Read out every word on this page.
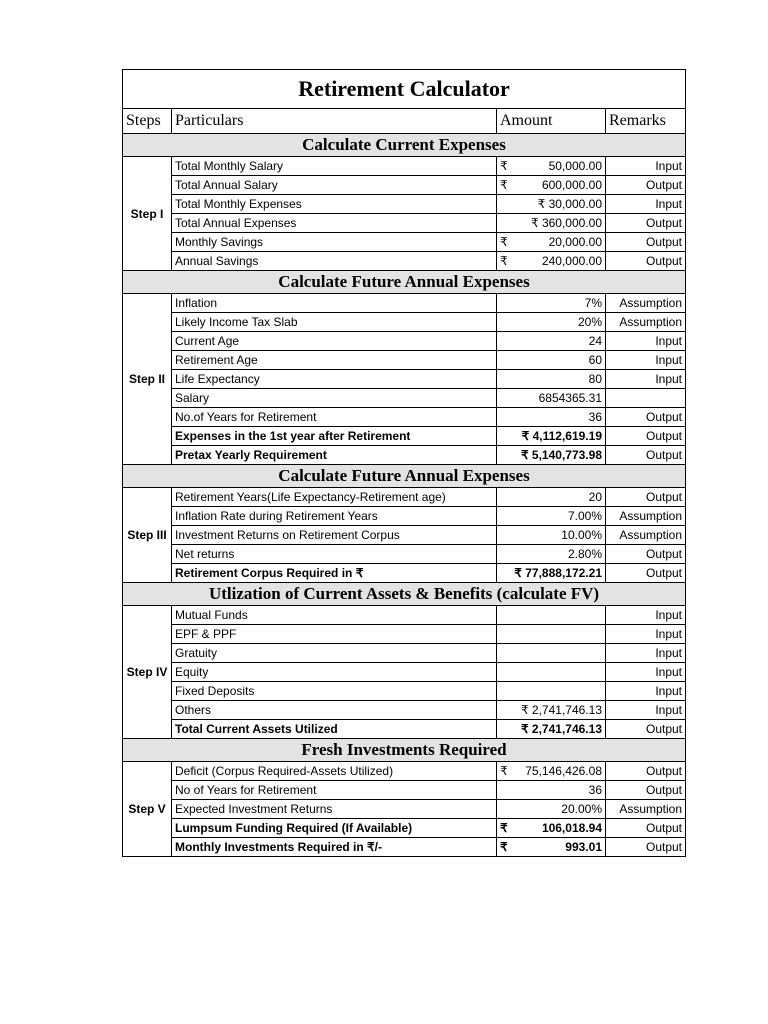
Retirement Calculator			
Steps	Particulars	Amount	Remarks
Calculate Current Expenses			
Step I	Total Monthly Salary	₹ 50,000.00	Input
	Total Annual Salary	₹ 600,000.00	Output
	Total Monthly Expenses	₹ 30,000.00	Input
	Total Annual Expenses	₹ 360,000.00	Output
	Monthly Savings	₹ 20,000.00	Output
	Annual Savings	₹ 240,000.00	Output
Calculate Future Annual Expenses			
Step II	Inflation	7%	Assumption
	Likely Income Tax Slab	20%	Assumption
	Current Age	24	Input
	Retirement Age	60	Input
	Life Expectancy	80	Input
	Salary	6854365.31	
	No.of Years for Retirement	36	Output
	Expenses in the 1st year after Retirement	₹ 4,112,619.19	Output
	Pretax Yearly Requirement	₹ 5,140,773.98	Output
Calculate Future Annual Expenses			
Step III	Retirement Years(Life Expectancy-Retirement age)	20	Output
	Inflation Rate during Retirement Years	7.00%	Assumption
	Investment Returns on Retirement Corpus	10.00%	Assumption
	Net returns	2.80%	Output
	Retirement Corpus Required in ₹	₹ 77,888,172.21	Output
Utlization of Current Assets & Benefits (calculate FV)			
Step IV	Mutual Funds		Input
	EPF & PPF		Input
	Gratuity		Input
	Equity		Input
	Fixed Deposits		Input
	Others	₹ 2,741,746.13	Input
	Total Current Assets Utilized	₹ 2,741,746.13	Output
Fresh Investments Required			
Step V	Deficit (Corpus Required-Assets Utilized)	₹ 75,146,426.08	Output
	No of Years for Retirement	36	Output
	Expected Investment Returns	20.00%	Assumption
	Lumpsum Funding Required (If Available)	₹ 106,018.94	Output
	Monthly Investments Required in ₹/-	₹ 993.01	Output
